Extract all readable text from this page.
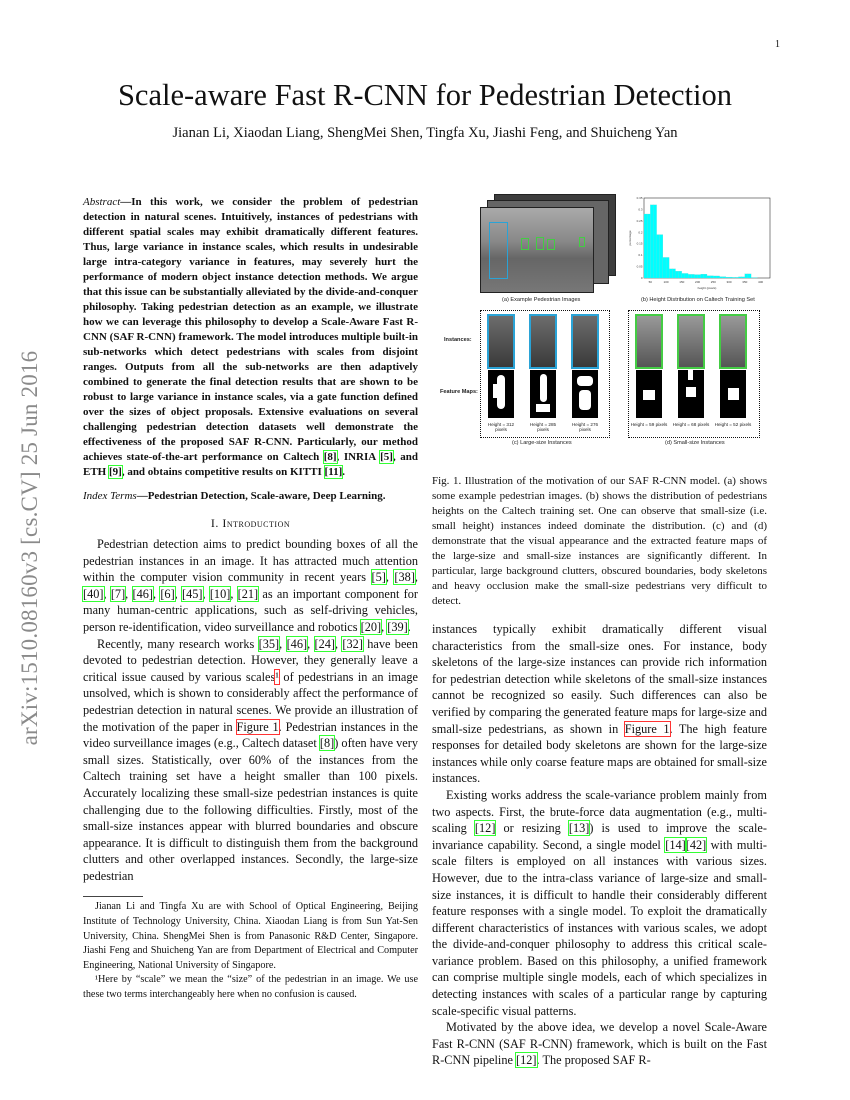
1
arXiv:1510.08160v3 [cs.CV] 25 Jun 2016
Scale-aware Fast R-CNN for Pedestrian Detection
Jianan Li, Xiaodan Liang, ShengMei Shen, Tingfa Xu, Jiashi Feng, and Shuicheng Yan
Abstract—In this work, we consider the problem of pedestrian detection in natural scenes. Intuitively, instances of pedestrians with different spatial scales may exhibit dramatically different features. Thus, large variance in instance scales, which results in undesirable large intra-category variance in features, may severely hurt the performance of modern object instance detection methods. We argue that this issue can be substantially alleviated by the divide-and-conquer philosophy. Taking pedestrian detection as an example, we illustrate how we can leverage this philosophy to develop a Scale-Aware Fast R-CNN (SAF R-CNN) framework. The model introduces multiple built-in sub-networks which detect pedestrians with scales from disjoint ranges. Outputs from all the sub-networks are then adaptively combined to generate the final detection results that are shown to be robust to large variance in instance scales, via a gate function defined over the sizes of object proposals. Extensive evaluations on several challenging pedestrian detection datasets well demonstrate the effectiveness of the proposed SAF R-CNN. Particularly, our method achieves state-of-the-art performance on Caltech [8], INRIA [5], and ETH [9], and obtains competitive results on KITTI [11].
Index Terms—Pedestrian Detection, Scale-aware, Deep Learning.
I. Introduction

Pedestrian detection aims to predict bounding boxes of all the pedestrian instances in an image. It has attracted much attention within the computer vision community in recent years [5], [38], [40], [7], [46], [6], [45], [10], [21] as an important component for many human-centric applications, such as self-driving vehicles, person re-identification, video surveillance and robotics [20], [39].

Recently, many research works [35], [46], [24], [32] have been devoted to pedestrian detection. However, they generally leave a critical issue caused by various scales¹ of pedestrians in an image unsolved, which is shown to considerably affect the performance of pedestrian detection in natural scenes. We provide an illustration of the motivation of the paper in Figure 1. Pedestrian instances in the video surveillance images (e.g., Caltech dataset [8]) often have very small sizes. Statistically, over 60% of the instances from the Caltech training set have a height smaller than 100 pixels. Accurately localizing these small-size pedestrian instances is quite challenging due to the following difficulties. Firstly, most of the small-size instances appear with blurred boundaries and obscure appearance. It is difficult to distinguish them from the background clutters and other overlapped instances. Secondly, the large-size pedestrian

Jianan Li and Tingfa Xu are with School of Optical Engineering, Beijing Institute of Technology University, China. Xiaodan Liang is from Sun Yat-Sen University, China. ShengMei Shen is from Panasonic R&D Center, Singapore. Jiashi Feng and Shuicheng Yan are from Department of Electrical and Computer Engineering, National University of Singapore.

¹Here by “scale” we mean the “size” of the pedestrian in an image. We use these two terms interchangeably here when no confusion is caused.

(a) Example Pedestrian Images
50	100	150	200	250	300	350	400
0
0.05
0.1
0.15
0.2
0.25
0.3
0.35
height (pixels)
percentage
(b) Height Distribution on Caltech Training Set
Instances:
Feature Maps:
Height = 312 pixels
Height = 285 pixels
Height = 276 pixels
(c) Large-size Instances
Height = 59 pixels Height = 68 pixels Height = 52 pixels
(d) Small-size Instances
Fig. 1. Illustration of the motivation of our SAF R-CNN model. (a) shows some example pedestrian images. (b) shows the distribution of pedestrians heights on the Caltech training set. One can observe that small-size (i.e. small height) instances indeed dominate the distribution. (c) and (d) demonstrate that the visual appearance and the extracted feature maps of the large-size and small-size instances are significantly different. In particular, large background clutters, obscured boundaries, body skeletons and heavy occlusion make the small-size pedestrians very difficult to detect.

instances typically exhibit dramatically different visual characteristics from the small-size ones. For instance, body skeletons of the large-size instances can provide rich information for pedestrian detection while skeletons of the small-size instances cannot be recognized so easily. Such differences can also be verified by comparing the generated feature maps for large-size and small-size pedestrians, as shown in Figure 1. The high feature responses for detailed body skeletons are shown for the large-size instances while only coarse feature maps are obtained for small-size instances.

Existing works address the scale-variance problem mainly from two aspects. First, the brute-force data augmentation (e.g., multi-scaling [12] or resizing [13]) is used to improve the scale-invariance capability. Second, a single model [14][42] with multi-scale filters is employed on all instances with various sizes. However, due to the intra-class variance of large-size and small-size instances, it is difficult to handle their considerably different feature responses with a single model. To exploit the dramatically different characteristics of instances with various scales, we adopt the divide-and-conquer philosophy to address this critical scale-variance problem. Based on this philosophy, a unified framework can comprise multiple single models, each of which specializes in detecting instances with scales of a particular range by capturing scale-specific visual patterns.

Motivated by the above idea, we develop a novel Scale-Aware Fast R-CNN (SAF R-CNN) framework, which is built on the Fast R-CNN pipeline [12]. The proposed SAF R-
